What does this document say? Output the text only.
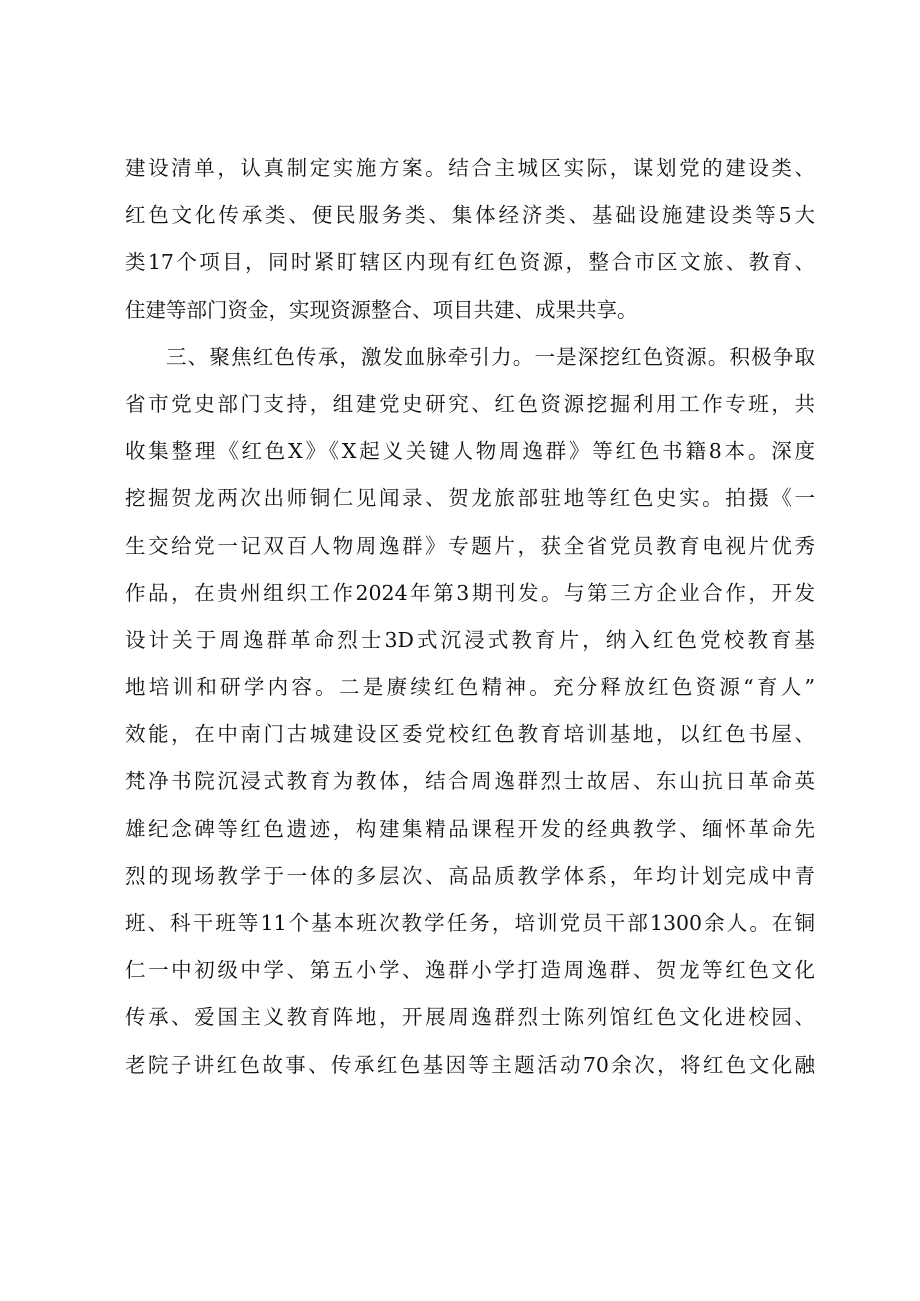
建设清单，认真制定实施方案。结合主城区实际，谋划党的建设类、
红色文化传承类、便民服务类、集体经济类、基础设施建设类等5大
类17个项目，同时紧盯辖区内现有红色资源，整合市区文旅、教育、
住建等部门资金，实现资源整合、项目共建、成果共享。
三、聚焦红色传承，激发血脉牵引力。一是深挖红色资源。积极争取
省市党史部门支持，组建党史研究、红色资源挖掘利用工作专班，共
收集整理《红色X》《X起义关键人物周逸群》等红色书籍8本。深度
挖掘贺龙两次出师铜仁见闻录、贺龙旅部驻地等红色史实。拍摄《一
生交给党一记双百人物周逸群》专题片，获全省党员教育电视片优秀
作品，在贵州组织工作2024年第3期刊发。与第三方企业合作，开发
设计关于周逸群革命烈士3D式沉浸式教育片，纳入红色党校教育基
地培训和研学内容。二是赓续红色精神。充分释放红色资源“育人”
效能，在中南门古城建设区委党校红色教育培训基地，以红色书屋、
梵净书院沉浸式教育为教体，结合周逸群烈士故居、东山抗日革命英
雄纪念碑等红色遗迹，构建集精品课程开发的经典教学、缅怀革命先
烈的现场教学于一体的多层次、高品质教学体系，年均计划完成中青
班、科干班等11个基本班次教学任务，培训党员干部1300余人。在铜
仁一中初级中学、第五小学、逸群小学打造周逸群、贺龙等红色文化
传承、爱国主义教育阵地，开展周逸群烈士陈列馆红色文化进校园、
老院子讲红色故事、传承红色基因等主题活动70余次，将红色文化融
